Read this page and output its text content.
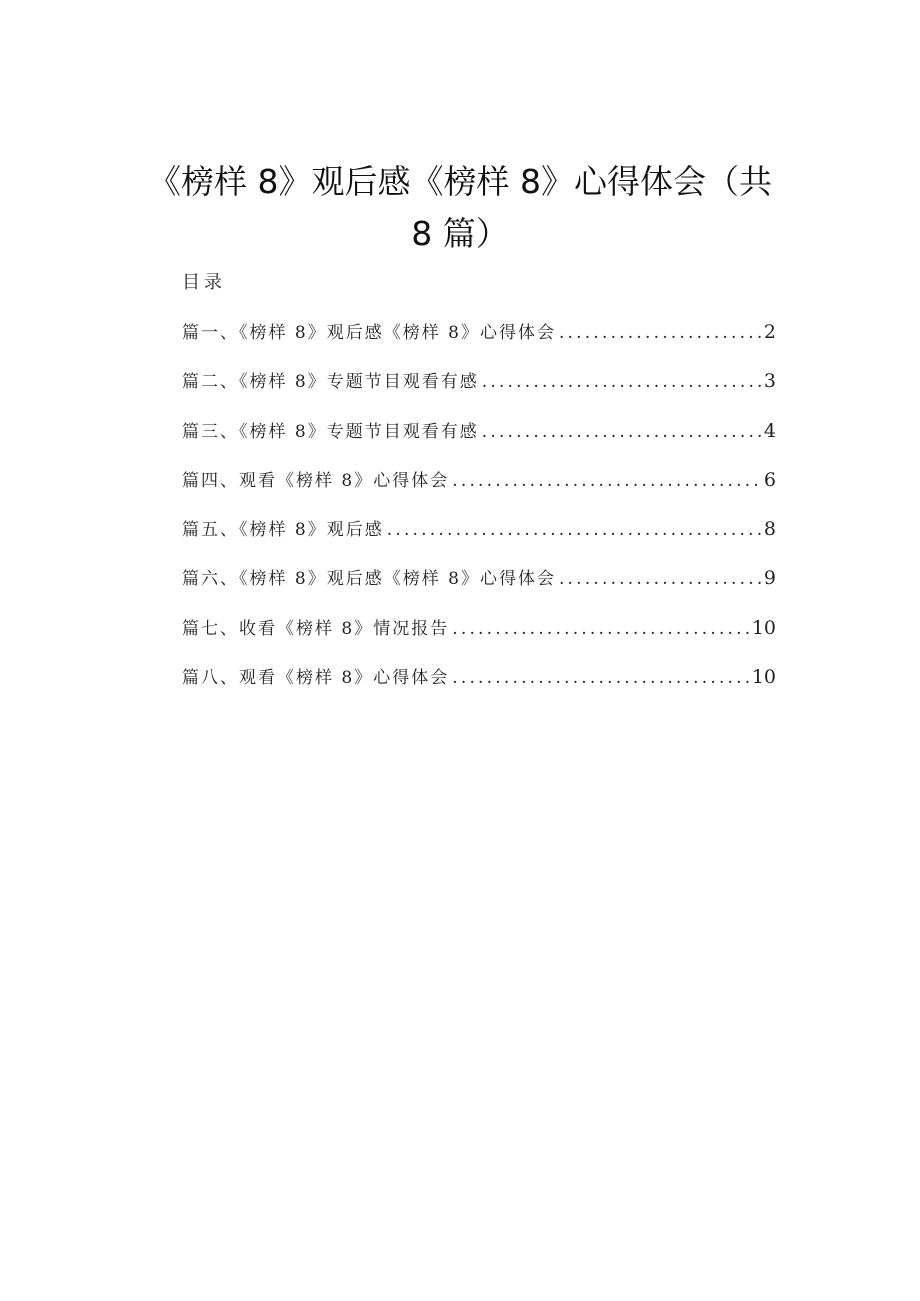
《榜样 8》观后感《榜样 8》心得体会（共 8 篇）
目录
篇一、《榜样 8》观后感《榜样 8》心得体会 .....	2
篇二、《榜样 8》专题节目观看有感 .....	3
篇三、《榜样 8》专题节目观看有感 .....	4
篇四、观看《榜样 8》心得体会 .....	6
篇五、《榜样 8》观后感 .....	8
篇六、《榜样 8》观后感《榜样 8》心得体会 .....	9
篇七、收看《榜样 8》情况报告 .....	10
篇八、观看《榜样 8》心得体会 .....	10
